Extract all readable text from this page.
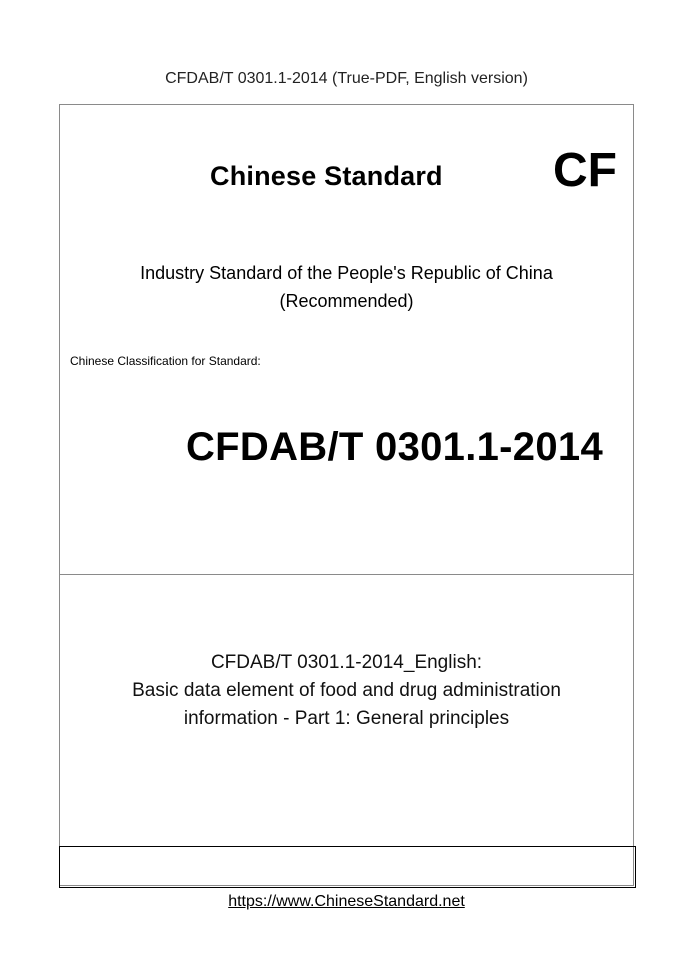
CFDAB/T 0301.1-2014 (True-PDF, English version)
Chinese Standard CF
Industry Standard of the People's Republic of China
(Recommended)
Chinese Classification for Standard:
CFDAB/T 0301.1-2014
CFDAB/T 0301.1-2014_English:
Basic data element of food and drug administration
information - Part 1: General principles
https://www.ChineseStandard.net
